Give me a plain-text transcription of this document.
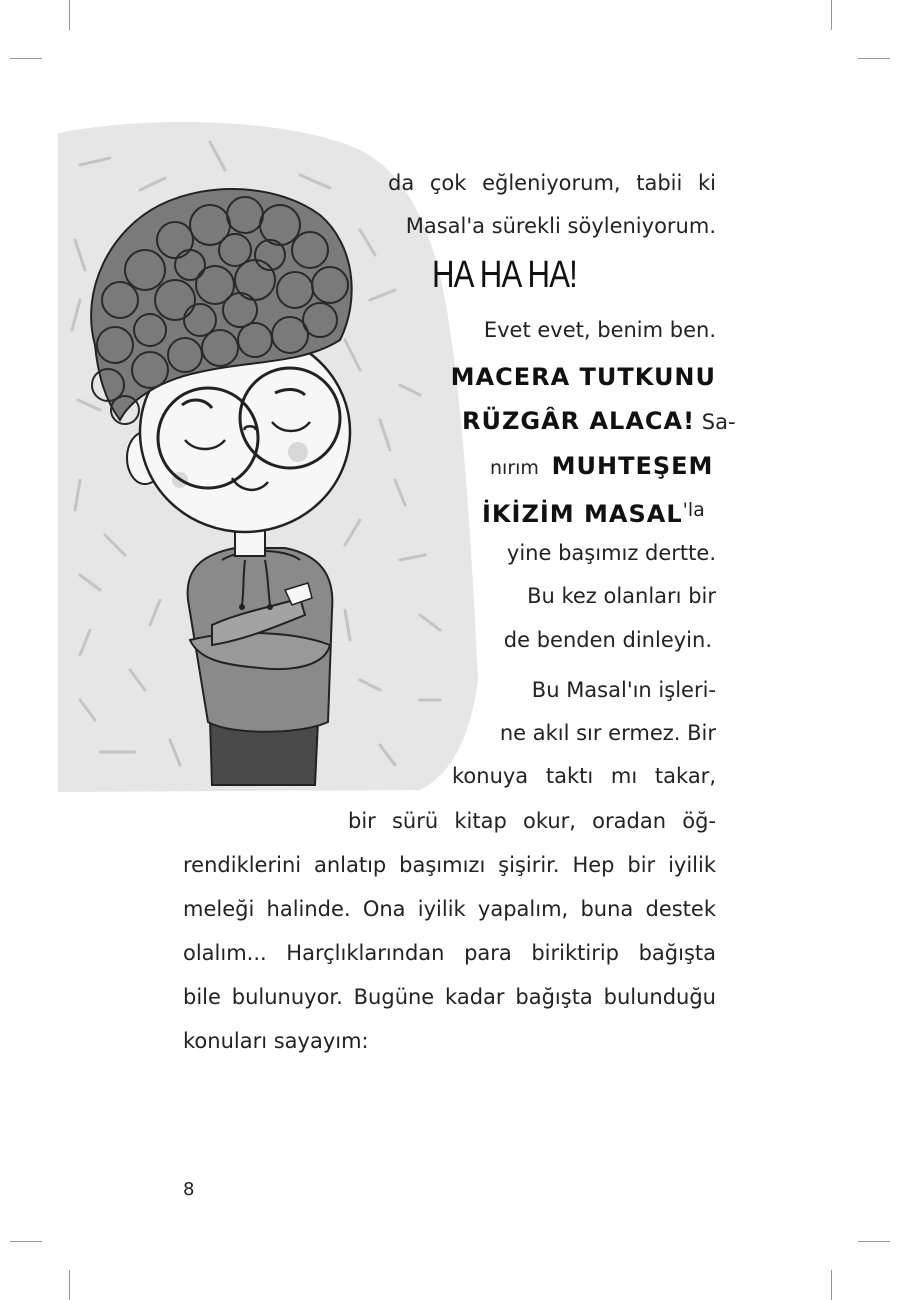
da çok eğleniyorum, tabii ki
Masal'a sürekli söyleniyorum.
HA HA HA!
Evet evet, benim ben.
MACERA TUTKUNU
RÜZGÂR ALACA! Sa-
nırım MUHTEŞEM
İKİZİM MASAL'la
yine başımız dertte.
Bu kez olanları bir
de benden dinleyin.
Bu Masal'ın işleri-
ne akıl sır ermez. Bir
konuya taktı mı takar,
bir sürü kitap okur, oradan öğ-
rendiklerini anlatıp başımızı şişirir. Hep bir iyilik
meleği halinde. Ona iyilik yapalım, buna destek
olalım... Harçlıklarından para biriktirip bağışta
bile bulunuyor. Bugüne kadar bağışta bulunduğu
konuları sayayım:
8
